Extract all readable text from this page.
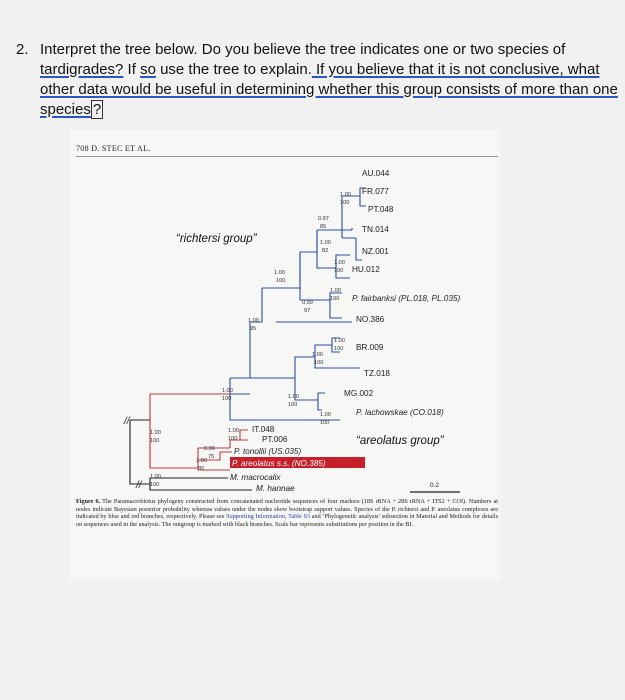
2. Interpret the tree below. Do you believe the tree indicates one or two species of tardigrades? If so use the tree to explain. If you believe that it is not conclusive, what other data would be useful in determining whether this group consists of more than one species ?
708 D. STEC ET AL.
AU.044
FR.077
PT.048
TN.014
NZ.001
HU.012
P. fairbanksi (PL.018, PL.035)
NO.386
BR.009
TZ.018
MG.002
P. lachowskae (CO.018)
IT.048
PT.006
P. tonollii (US.035)
P. areolatus s.s. (NO.385)
M. macrocalix
M. hannae
“richtersi group”
“areolatus group”
1.00
100
0.97
85
1.00
82
1.00
100
1.00
100
1.00
100
0.99
97
1.00
95
1.00
100
1.00
100
1.00
100	1.00
100
1.00
100
1.00
100
1.00
100
0.96
75
1.00
95
1.00
100
//
//	0.2
Figure 6. The Paramacrobiotus phylogeny constructed from concatenated nucleotide sequences of four markers (18S rRNA + 28S rRNA + ITS2 + COI). Numbers at nodes indicate Bayesian posterior probability whereas values under the nodes show bootstrap support values. Species of the P. richtersi and P. areolatus complexes are indicated by blue and red branches, respectively. Please see Supporting Information, Table S3 and ‘Phylogenetic analysis’ subsection in Material and Methods for details on sequences used in the analysis. The outgroup is marked with black branches. Scale bar represents substitutions per position in the BI.
